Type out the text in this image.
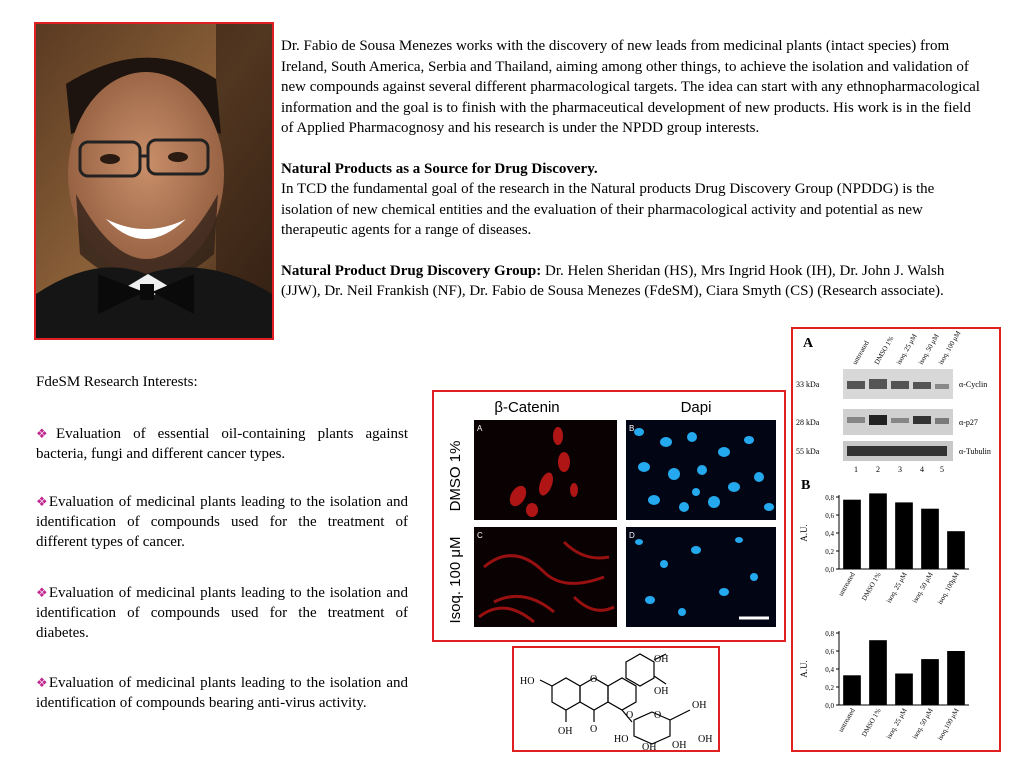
Dr. Fabio de Sousa Menezes works with the discovery of new leads from medicinal plants (intact species) from Ireland, South America, Serbia and Thailand, aiming among other things, to achieve the isolation and validation of new compounds against several different pharmacological targets. The idea can start with any ethnopharmacological information and the goal is to finish with the pharmaceutical development of new products. His work is in the field of Applied Pharmacognosy and his research is under the NPDD group interests.

Natural Products as a Source for Drug Discovery.
In TCD the fundamental goal of the research in the Natural products Drug Discovery Group (NPDDG) is the isolation of new chemical entities and the evaluation of their pharmacological activity and potential as new therapeutic agents for a range of diseases.

Natural Product Drug Discovery Group: Dr. Helen Sheridan (HS), Mrs Ingrid Hook (IH), Dr. John J. Walsh (JJW), Dr. Neil Frankish (NF), Dr. Fabio de Sousa Menezes (FdeSM), Ciara Smyth (CS) (Research associate).

FdeSM Research Interests:
❖Evaluation of essential oil-containing plants against bacteria, fungi and different cancer types.
❖Evaluation of medicinal plants leading to the isolation and identification of compounds used for the treatment of different types of cancer.
❖Evaluation of medicinal plants leading to the isolation and identification of compounds used for the treatment of diabetes.
❖Evaluation of medicinal plants leading to the isolation and identification of compounds bearing anti-virus activity.
β-Catenin	Dapi
DMSO 1%
Isoq. 100 μM
A	B
C	D
OH
OH
HO	O
O
OH
OH
O O
OH
HO
OH
OH
A	untreated DMSO 1% isoq. 25 μM
isoq. 50 μM
isoq. 100 μM
33 kDa
28 kDa
55 kDa
α-Cyclin
α-p27
α-Tubulin
1 2 3 4 5
B
0,0
0,2
0,4
0,6
0,8
A.U.
untreated DMSO 1% isoq. 25 μM isoq. 50 μM isoq. 100μM
0,0
0,2
0,4
0,6
0,8
A.U.
untreated DMSO 1% isoq. 25 μM isoq. 50 μM isoq.100 μM
